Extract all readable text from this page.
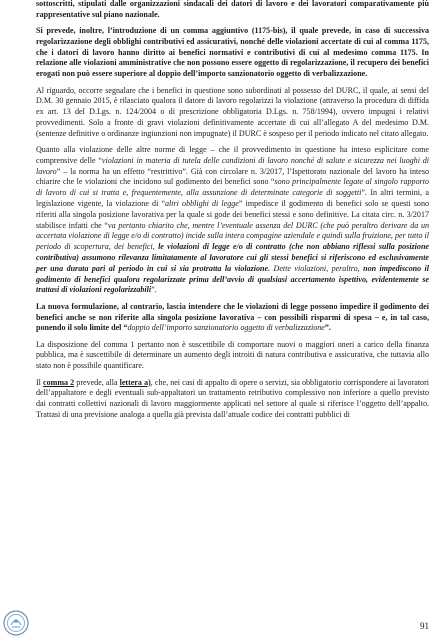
sottoscritti, stipulati dalle organizzazioni sindacali dei datori di lavoro e dei lavoratori comparativamente più rappresentative sul piano nazionale.

Si prevede, inoltre, l’introduzione di un comma aggiuntivo (1175-bis), il quale prevede, in caso di successiva regolarizzazione degli obblighi contributivi ed assicurativi, nonché delle violazioni accertate di cui al comma 1175, che i datori di lavoro hanno diritto ai benefici normativi e contributivi di cui al medesimo comma 1175. In relazione alle violazioni amministrative che non possono essere oggetto di regolarizzazione, il recupero dei benefici erogati non può essere superiore al doppio dell’importo sanzionatorio oggetto di verbalizzazione.

Al riguardo, occorre segnalare che i benefici in questione sono subordinati al possesso del DURC, il quale, ai sensi del D.M. 30 gennaio 2015, è rilasciato qualora il datore di lavoro regolarizzi la violazione (attraverso la procedura di diffida ex art. 13 del D.Lgs. n. 124/2004 o di prescrizione obbligatoria D.Lgs. n. 758/1994), ovvero impugni i relativi provvedimenti. Solo a fronte di gravi violazioni definitivamente accertate di cui all’allegato A del medesimo D.M. (sentenze definitive o ordinanze ingiunzioni non impugnate) il DURC è sospeso per il periodo indicato nel citato allegato.

Quanto alla violazione delle altre norme di legge – che il provvedimento in questione ha inteso esplicitare come comprensive delle “violazioni in materia di tutela delle condizioni di lavoro nonché di salute e sicurezza nei luoghi di lavoro” – la norma ha un effetto “restrittivo”. Già con circolare n. 3/2017, l’Ispettorato nazionale del lavoro ha inteso chiarire che le violazioni che incidono sul godimento dei benefici sono “sono principalmente legate al singolo rapporto di lavoro di cui si tratta e, frequentemente, alla assunzione di determinate categorie di soggetti”. In altri termini, a legislazione vigente, la violazione di “altri obblighi di legge” impedisce il godimento di benefici solo se questi sono riferiti alla singola posizione lavorativa per la quale si gode dei benefici stessi e sono definitive. La citata circ. n. 3/2017 stabilisce infatti che “va pertanto chiarito che, mentre l’eventuale assenza del DURC (che può peraltro derivare da un accertata violazione di legge e/o di contratto) incide sulla intera compagine aziendale e quindi sulla fruizione, per tutto il periodo di scopertura, dei benefici, le violazioni di legge e/o di contratto (che non abbiano riflessi sulla posizione contributiva) assumono rilevanza limitatamente al lavoratore cui gli stessi benefici si riferiscono ed esclusivamente per una durata pari al periodo in cui si sia protratta la violazione. Dette violazioni, peraltro, non impediscono il godimento di benefici qualora regolarizzate prima dell’avvio di qualsiasi accertamento ispettivo, evidentemente se trattasi di violazioni regolarizzabili”.

La nuova formulazione, al contrario, lascia intendere che le violazioni di legge possono impedire il godimento dei benefici anche se non riferite alla singola posizione lavorativa – con possibili risparmi di spesa – e, in tal caso, ponendo il solo limite del “doppio dell’importo sanzionatorio oggetto di verbalizzazione”.

La disposizione del comma 1 pertanto non è suscettibile di comportare nuovi o maggiori oneri a carico della finanza pubblica, ma è suscettibile di determinare un aumento degli introiti di natura contributiva e assicurativa, che tuttavia allo stato non è possibile quantificare.

Il comma 2 prevede, alla lettera a), che, nei casi di appalto di opere o servizi, sia obbligatorio corrispondere ai lavoratori dell’appaltatore e degli eventuali sub-appaltatori un trattamento retributivo complessivo non inferiore a quello previsto dai contratti collettivi nazionali di lavoro maggiormente applicati nel settore al quale si riferisce l’oggetto dell’appalto. Trattasi di una previsione analoga a quella già prevista dall’attuale codice dei contratti pubblici di

91
